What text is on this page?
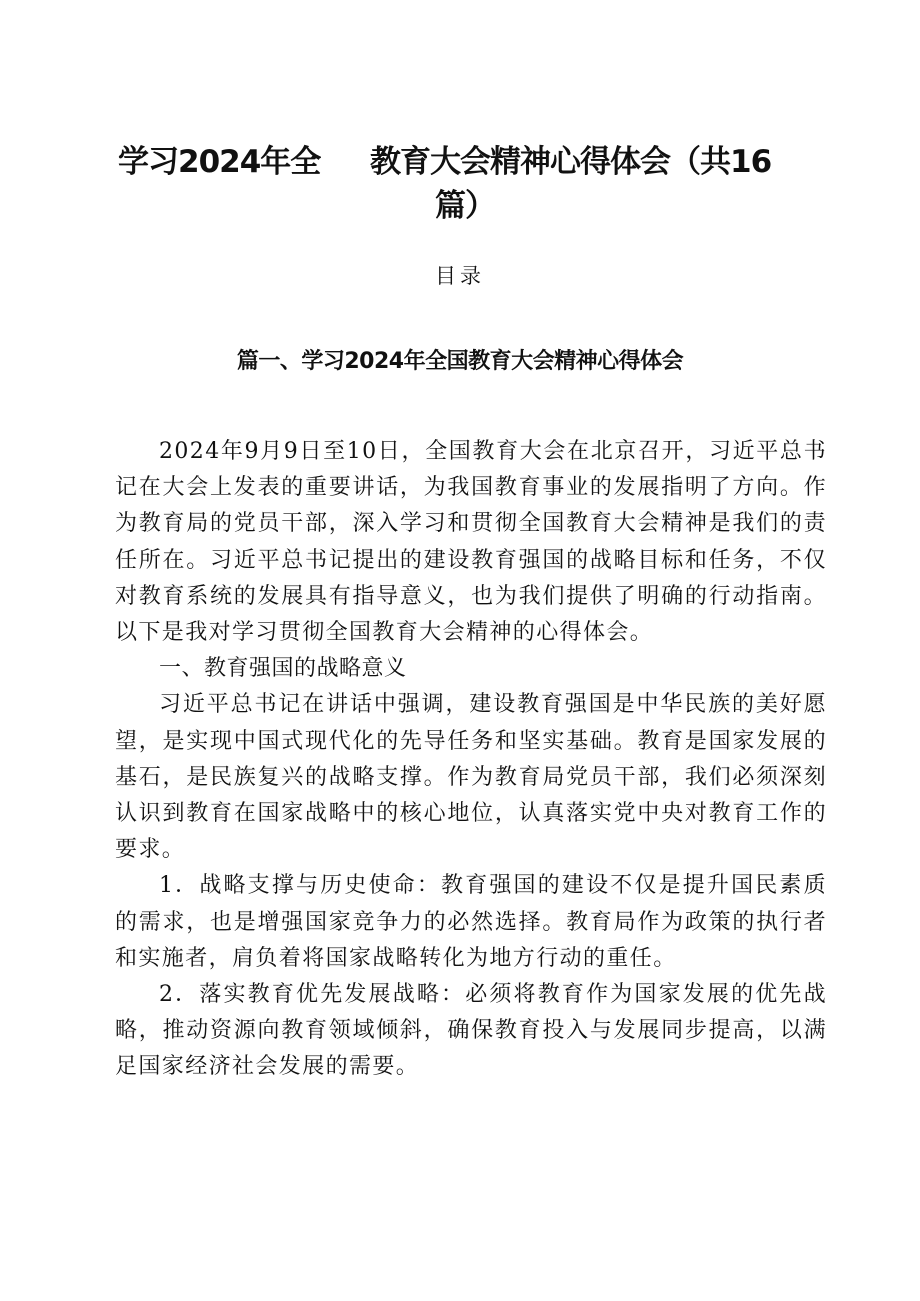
学习2024年全 教育大会精神心得体会（共16
篇）
目录
篇一、学习2024年全国教育大会精神心得体会

2024年9月9日至10日，全国教育大会在北京召开，习近平总书记在大会上发表的重要讲话，为我国教育事业的发展指明了方向。作为教育局的党员干部，深入学习和贯彻全国教育大会精神是我们的责任所在。习近平总书记提出的建设教育强国的战略目标和任务，不仅对教育系统的发展具有指导意义，也为我们提供了明确的行动指南。以下是我对学习贯彻全国教育大会精神的心得体会。

一、教育强国的战略意义

习近平总书记在讲话中强调，建设教育强国是中华民族的美好愿望，是实现中国式现代化的先导任务和坚实基础。教育是国家发展的基石，是民族复兴的战略支撑。作为教育局党员干部，我们必须深刻认识到教育在国家战略中的核心地位，认真落实党中央对教育工作的要求。

1．战略支撑与历史使命：教育强国的建设不仅是提升国民素质的需求，也是增强国家竞争力的必然选择。教育局作为政策的执行者和实施者，肩负着将国家战略转化为地方行动的重任。

2．落实教育优先发展战略：必须将教育作为国家发展的优先战略，推动资源向教育领域倾斜，确保教育投入与发展同步提高，以满足国家经济社会发展的需要。
